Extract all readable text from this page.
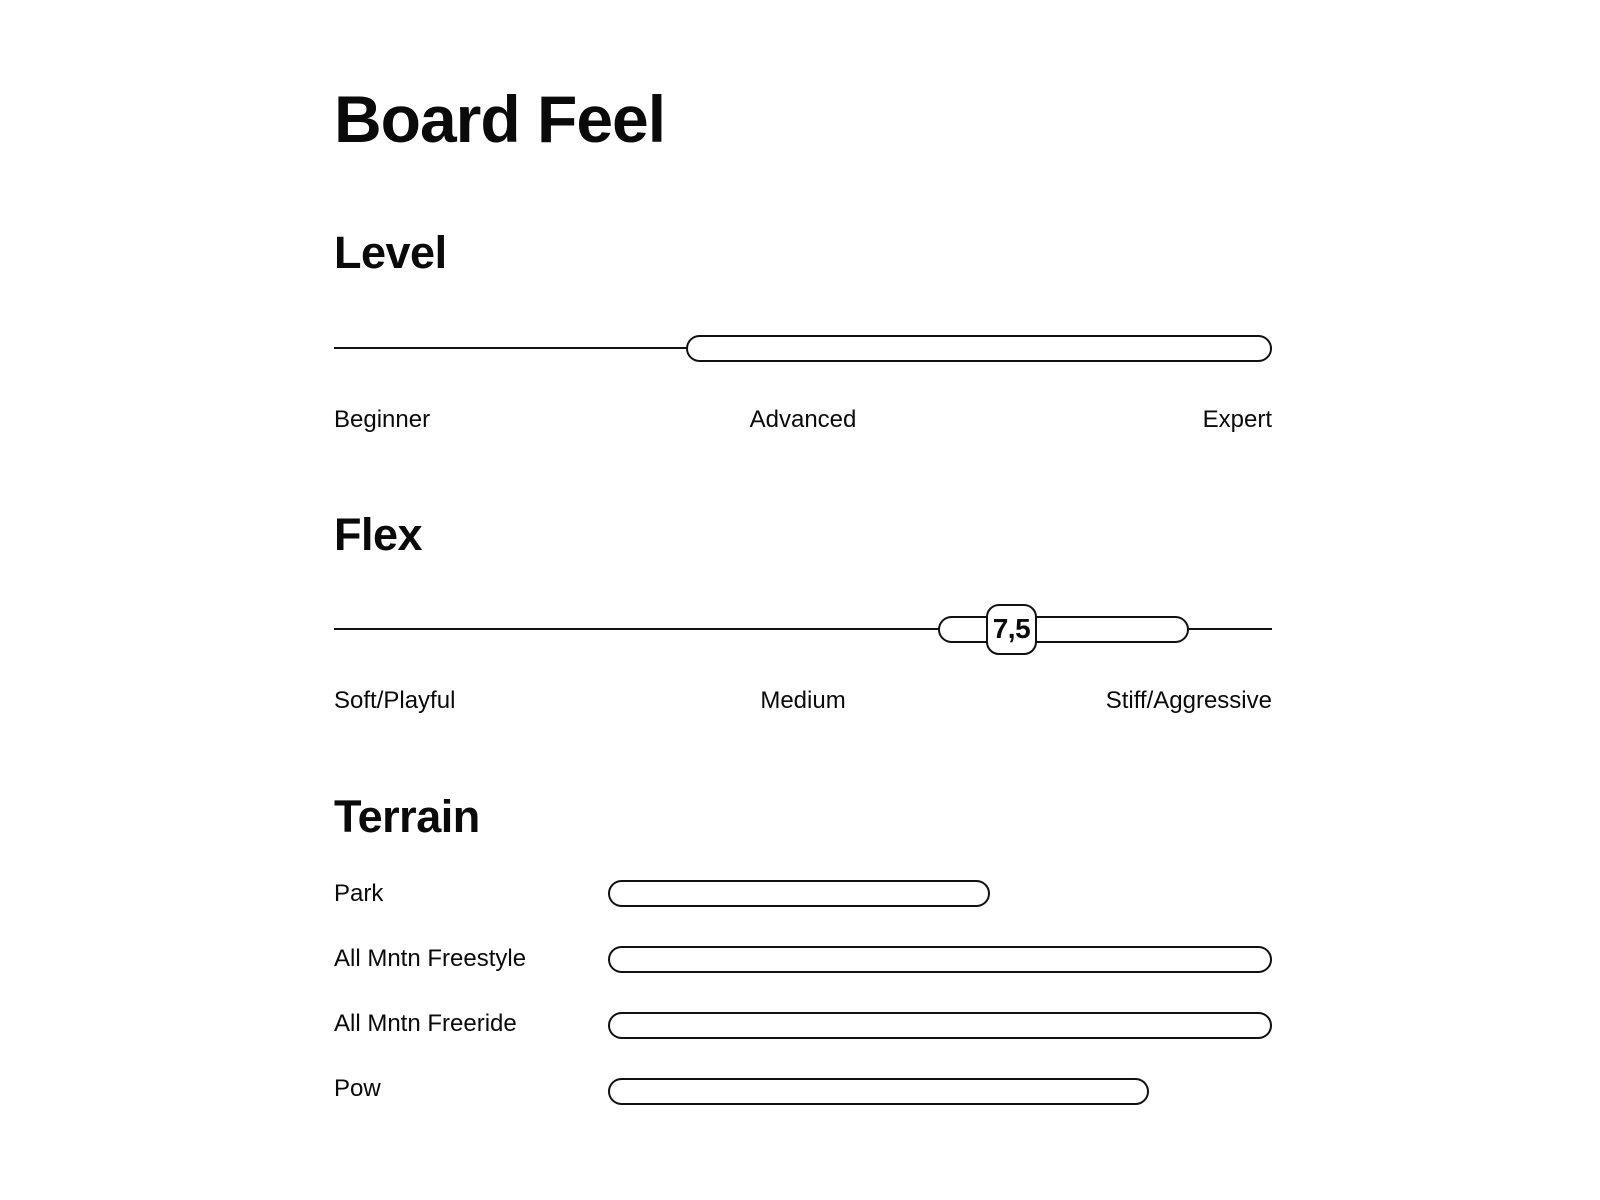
Board Feel
Level
Beginner	Advanced	Expert
Flex
7,5
Soft/Playful	Medium	Stiff/Aggressive
Terrain
Park
All Mntn Freestyle
All Mntn Freeride
Pow
